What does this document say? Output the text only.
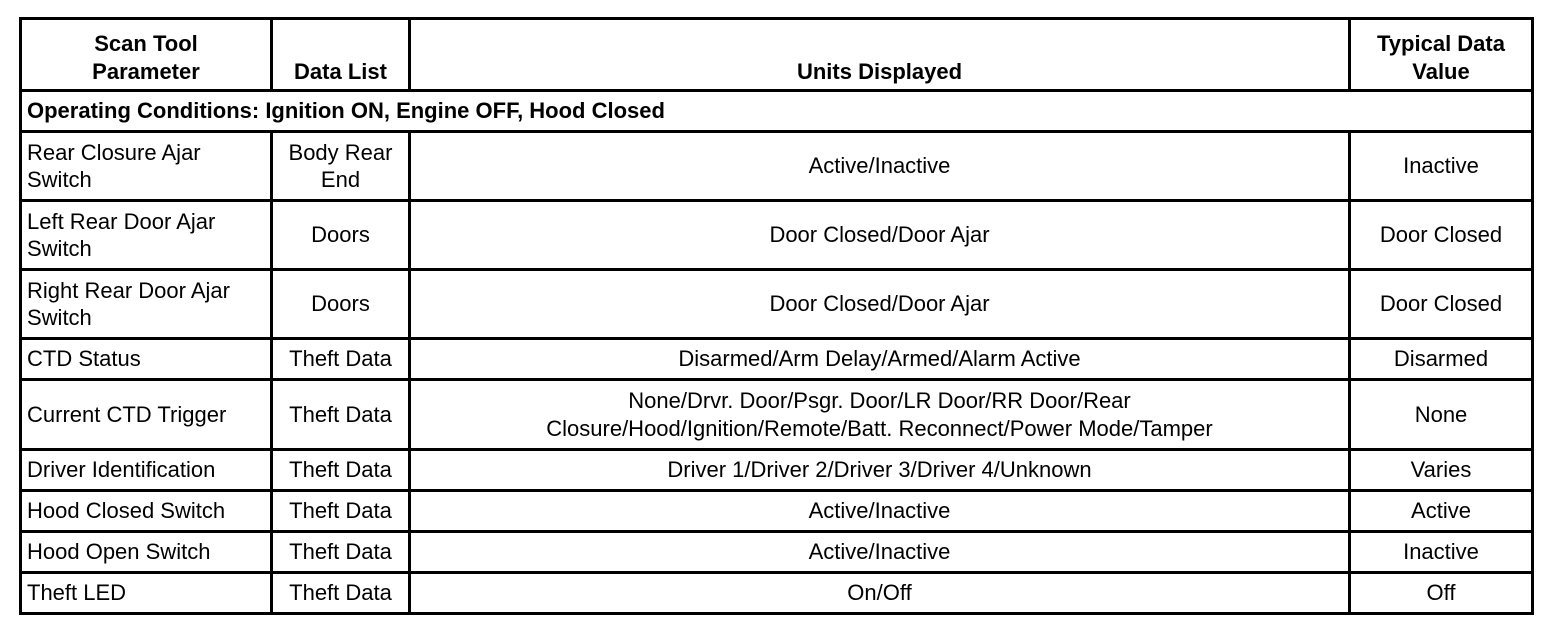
Scan Tool Parameter	Data List	Units Displayed	Typical Data Value
Operating Conditions: Ignition ON, Engine OFF, Hood Closed			
Rear Closure Ajar Switch	Body Rear End	Active/Inactive	Inactive
Left Rear Door Ajar Switch	Doors	Door Closed/Door Ajar	Door Closed
Right Rear Door Ajar Switch	Doors	Door Closed/Door Ajar	Door Closed
CTD Status	Theft Data	Disarmed/Arm Delay/Armed/Alarm Active	Disarmed
Current CTD Trigger	Theft Data	None/Drvr. Door/Psgr. Door/LR Door/RR Door/Rear Closure/Hood/Ignition/Remote/Batt. Reconnect/Power Mode/Tamper	None
Driver Identification	Theft Data	Driver 1/Driver 2/Driver 3/Driver 4/Unknown	Varies
Hood Closed Switch	Theft Data	Active/Inactive	Active
Hood Open Switch	Theft Data	Active/Inactive	Inactive
Theft LED	Theft Data	On/Off	Off
